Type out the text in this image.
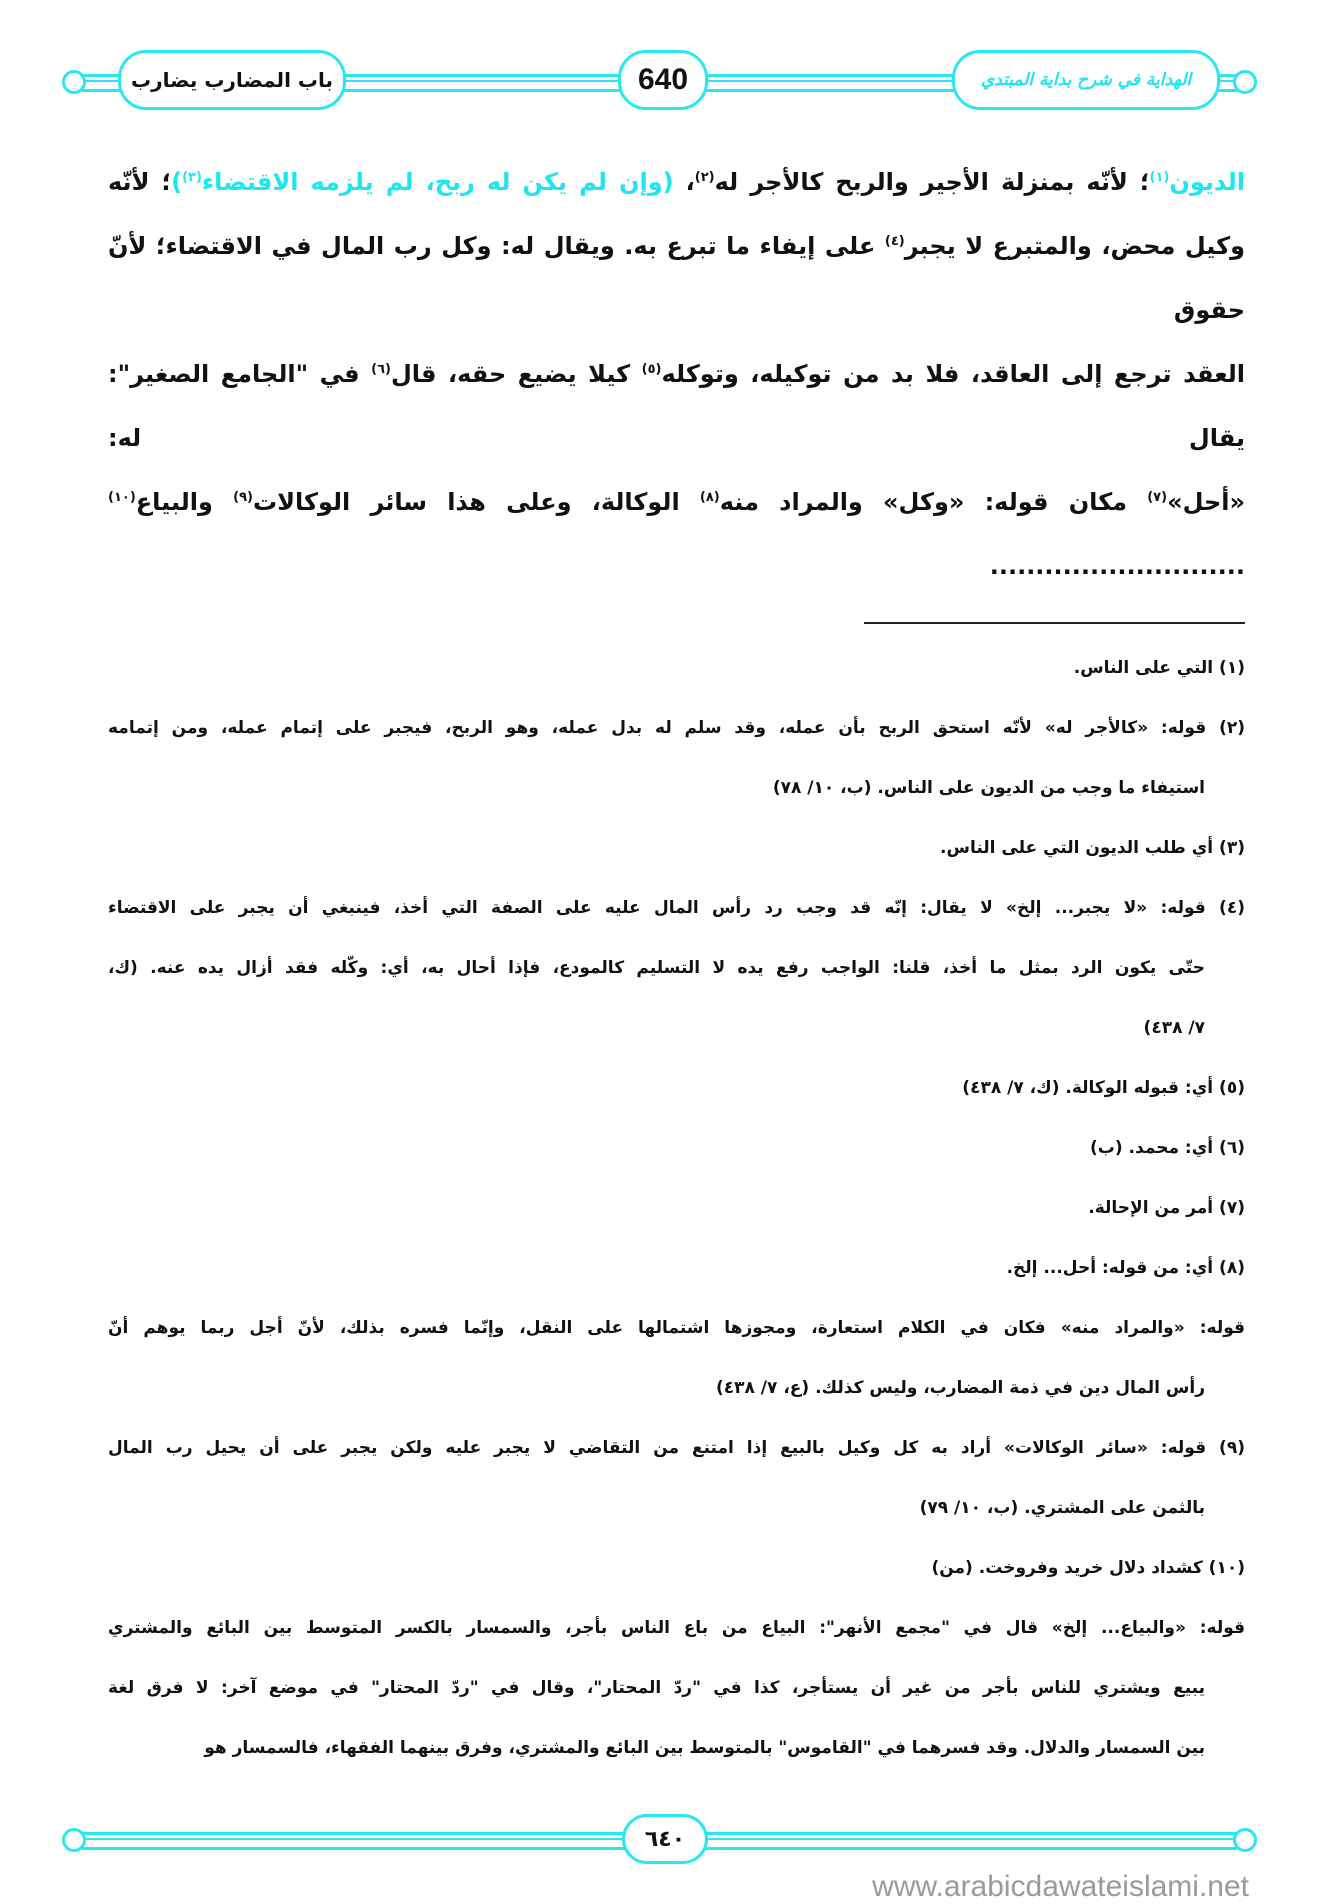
باب المضارب يضارب	640	الهداية في شرح بداية المبتدي
الديون$^{(١)}$؛ لأنّه بمنزلة الأجير والربح كالأجر له$^{(٢)}$، (وإن لم يكن له ربح، لم يلزمه الاقتضاء$^{(٣)}$)؛ لأنّه
وكيل محض، والمتبرع لا يجبر$^{(٤)}$ على إيفاء ما تبرع به. ويقال له: وكل رب المال في الاقتضاء؛ لأنّ حقوق
العقد ترجع إلى العاقد، فلا بد من توكيله، وتوكله$^{(٥)}$ كيلا يضيع حقه، قال$^{(٦)}$ في "الجامع الصغير": يقال له:
«أحل»$^{(٧)}$ مكان قوله: «وكل» والمراد منه$^{(٨)}$ الوكالة، وعلى هذا سائر الوكالات$^{(٩)}$ والبياع$^{(١٠)}$ ............................
(١) التي على الناس.
(٢) قوله: «كالأجر له» لأنّه استحق الربح بأن عمله، وقد سلم له بدل عمله، وهو الربح، فيجبر على إتمام عمله، ومن إتمامه
استيفاء ما وجب من الديون على الناس. (ب، ١٠/ ٧٨)
(٣) أي طلب الديون التي على الناس.
(٤) قوله: «لا يجبر... إلخ» لا يقال: إنّه قد وجب رد رأس المال عليه على الصفة التي أخذ، فينبغي أن يجبر على الاقتضاء
حتّى يكون الرد بمثل ما أخذ، قلنا: الواجب رفع يده لا التسليم كالمودع، فإذا أحال به، أي: وكّله فقد أزال يده عنه. (ك،
٧/ ٤٣٨)
(٥) أي: قبوله الوكالة. (ك، ٧/ ٤٣٨)
(٦) أي: محمد. (ب)
(٧) أمر من الإحالة.
(٨) أي: من قوله: أحل... إلخ.
قوله: «والمراد منه» فكان في الكلام استعارة، ومجوزها اشتمالها على النقل، وإنّما فسره بذلك، لأنّ أجل ربما يوهم أنّ
رأس المال دين في ذمة المضارب، وليس كذلك. (ع، ٧/ ٤٣٨)
(٩) قوله: «سائر الوكالات» أراد به كل وكيل بالبيع إذا امتنع من التقاضي لا يجبر عليه ولكن يجبر على أن يحيل رب المال
بالثمن على المشتري. (ب، ١٠/ ٧٩)
(١٠) كشداد دلال خريد وفروخت. (من)
قوله: «والبياع... إلخ» قال في "مجمع الأنهر": البياع من باع الناس بأجر، والسمسار بالكسر المتوسط بين البائع والمشتري
يبيع ويشتري للناس بأجر من غير أن يستأجر، كذا في "ردّ المحتار"، وقال في "ردّ المحتار" في موضع آخر: لا فرق لغة
بين السمسار والدلال. وقد فسرهما في "القاموس" بالمتوسط بين البائع والمشتري، وفرق بينهما الفقهاء، فالسمسار هو
٦٤٠
www.arabicdawateislami.net
